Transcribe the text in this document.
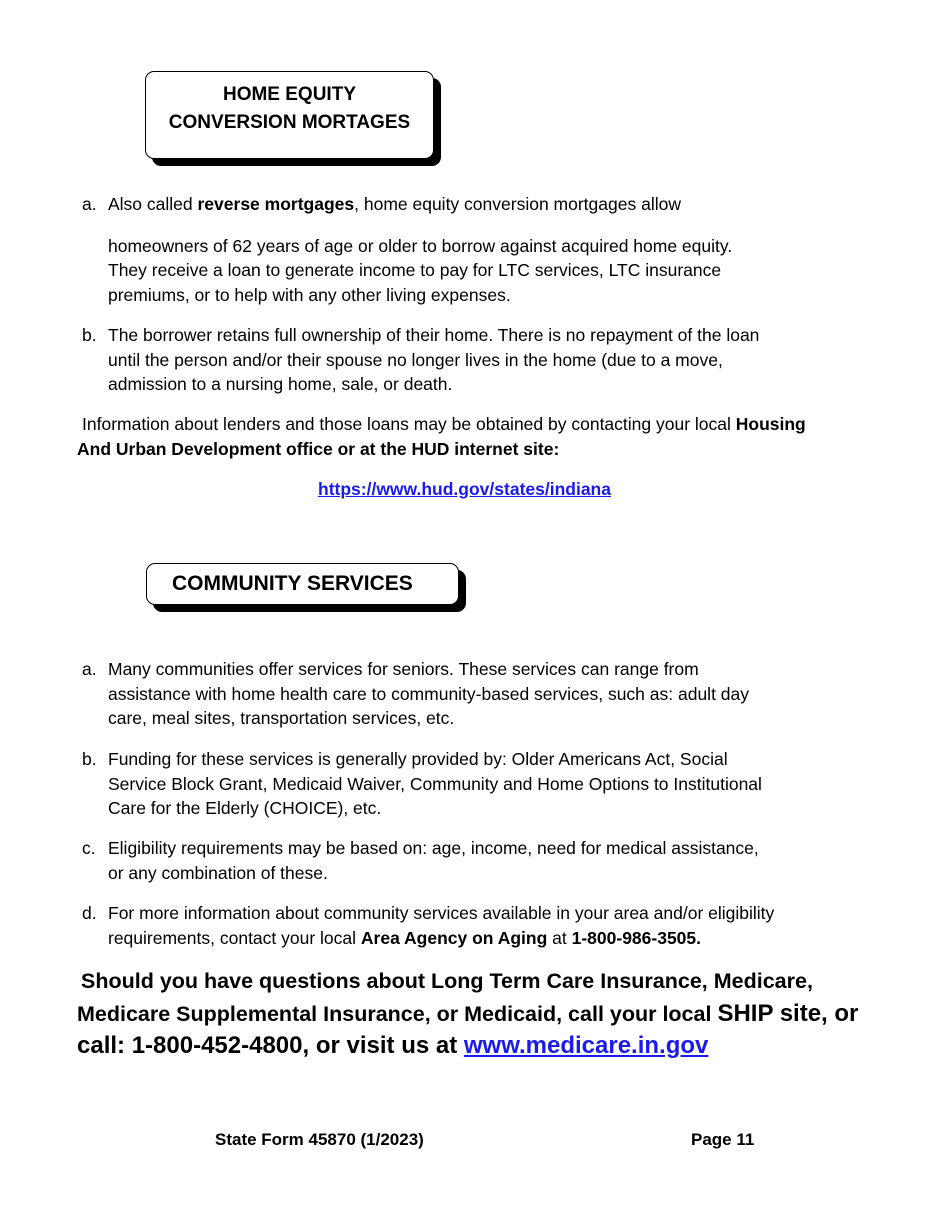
HOME EQUITY
CONVERSION MORTAGES
a. Also called reverse mortgages, home equity conversion mortgages allow
homeowners of 62 years of age or older to borrow against acquired home equity.
They receive a loan to generate income to pay for LTC services, LTC insurance
premiums, or to help with any other living expenses.
b. The borrower retains full ownership of their home. There is no repayment of the loan
until the person and/or their spouse no longer lives in the home (due to a move,
admission to a nursing home, sale, or death.
Information about lenders and those loans may be obtained by contacting your local Housing
And Urban Development office or at the HUD internet site:
https://www.hud.gov/states/indiana
COMMUNITY SERVICES
a. Many communities offer services for seniors. These services can range from
assistance with home health care to community-based services, such as: adult day
care, meal sites, transportation services, etc.
b. Funding for these services is generally provided by: Older Americans Act, Social
Service Block Grant, Medicaid Waiver, Community and Home Options to Institutional
Care for the Elderly (CHOICE), etc.
c. Eligibility requirements may be based on: age, income, need for medical assistance,
or any combination of these.
d. For more information about community services available in your area and/or eligibility
requirements, contact your local Area Agency on Aging at 1-800-986-3505.
Should you have questions about Long Term Care Insurance, Medicare,
Medicare Supplemental Insurance, or Medicaid, call your local SHIP site, or
call: 1-800-452-4800, or visit us at www.medicare.in.gov
State Form 45870 (1/2023)	Page 11
